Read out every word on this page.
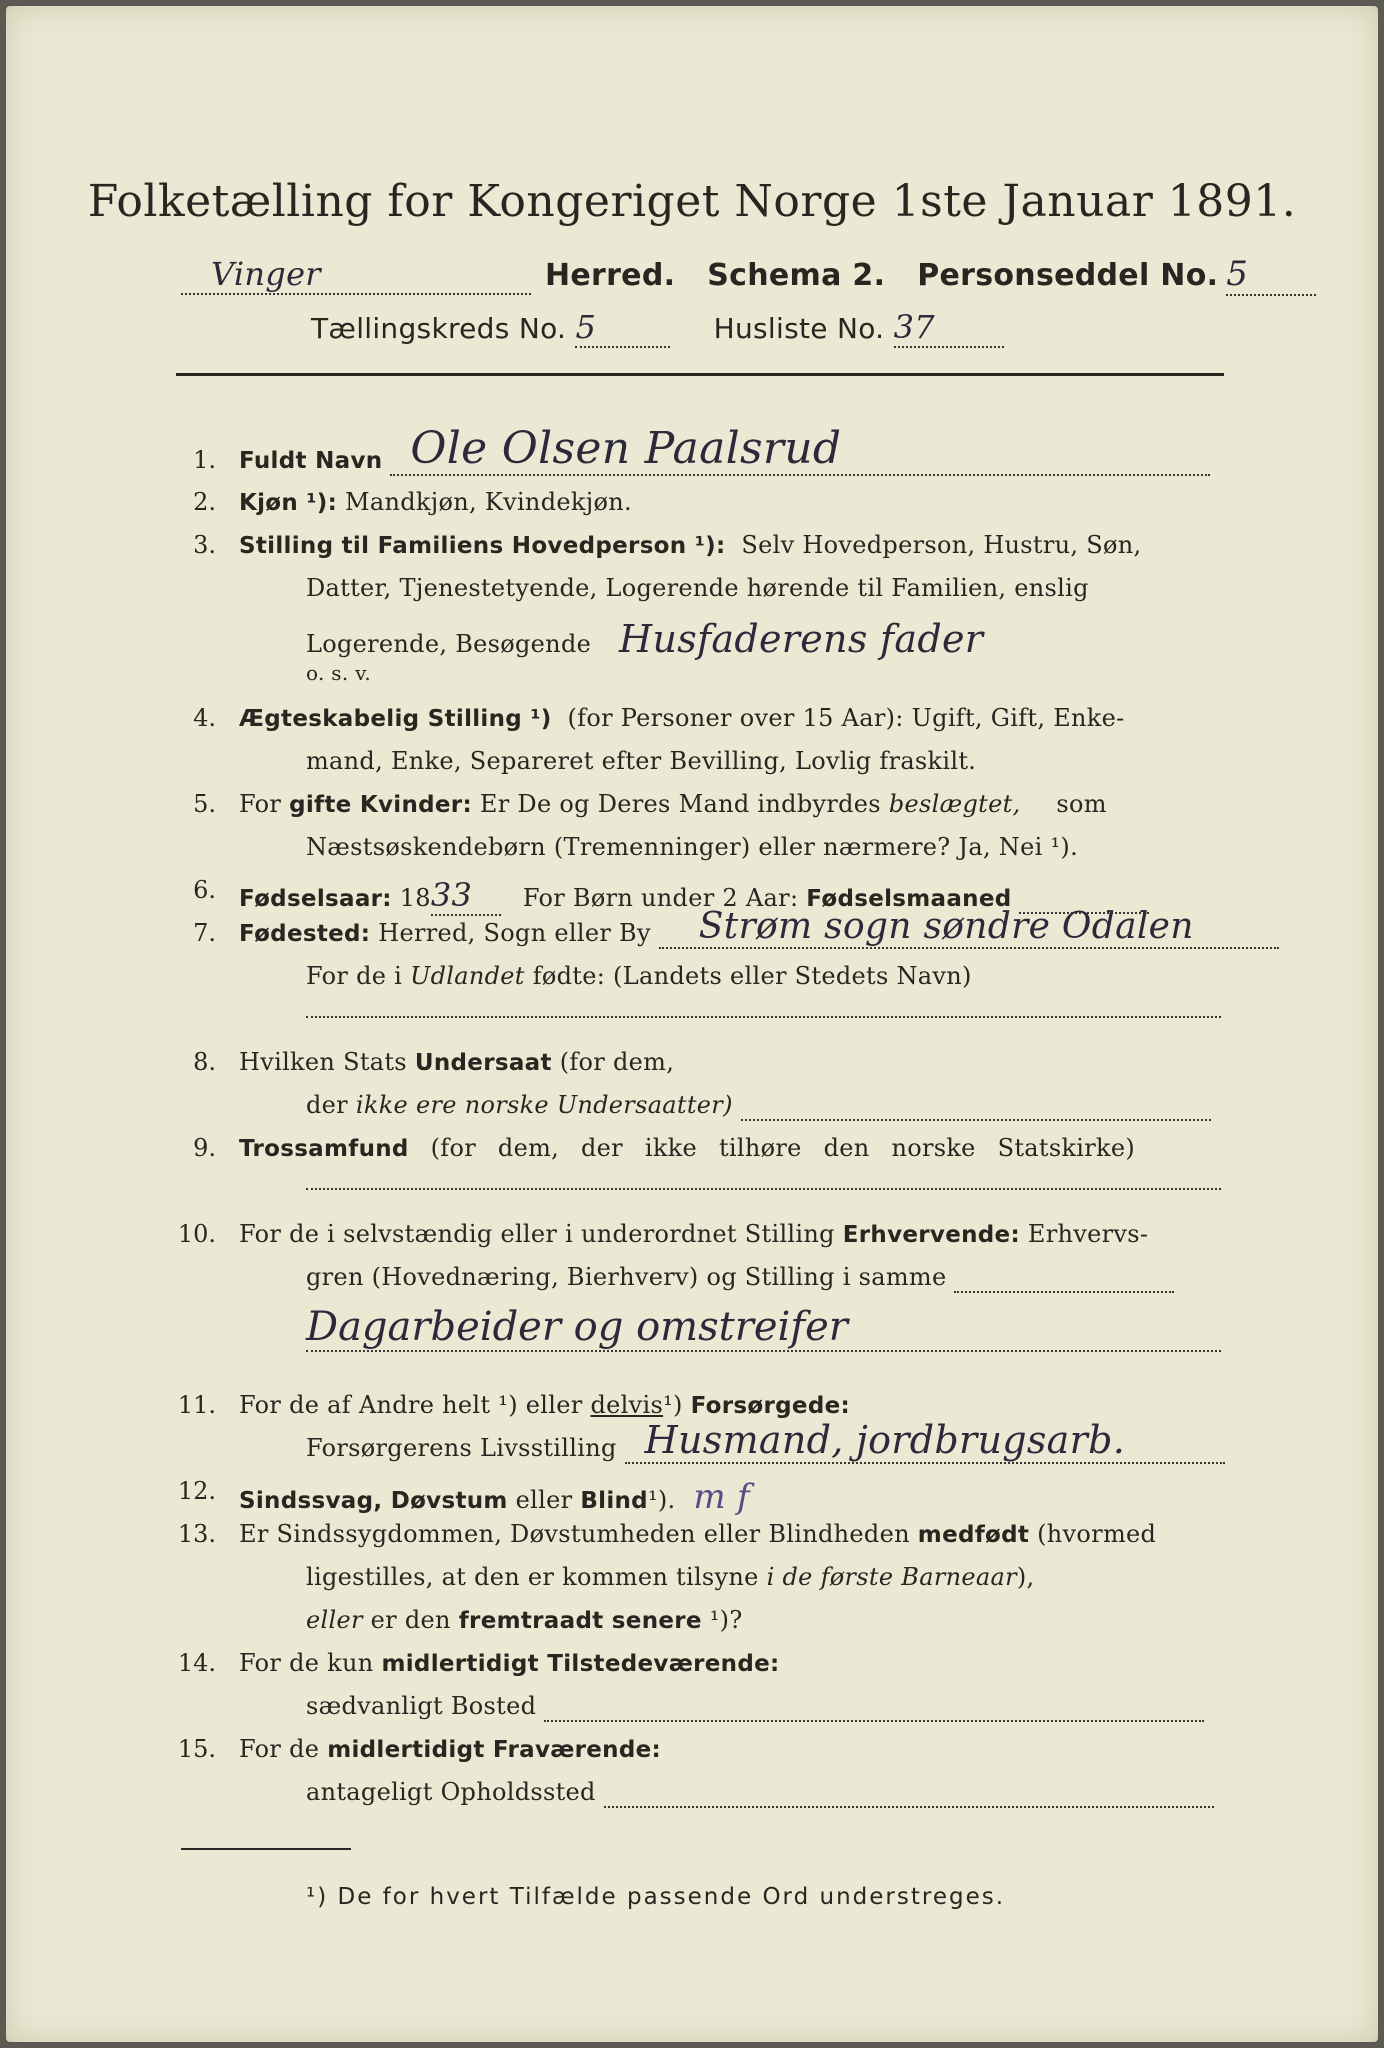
Folketælling for Kongeriget Norge 1ste Januar 1891.
Vinger	Herred. Schema 2. Personseddel No. 5
Tællingskreds No. 5	Husliste No. 37
1. Fuldt Navn Ole Olsen Paalsrud

2. Kjøn ¹): Mandkjøn, Kvindekjøn.
3. Stilling til Familiens Hovedperson ¹): Selv Hovedperson, Hustru, Søn,
Datter, Tjenestetyende, Logerende hørende til Familien, enslig
Logerende, Besøgende Husfaderens fader
o. s. v.
4. Ægteskabelig Stilling ¹) (for Personer over 15 Aar): Ugift, Gift, Enke-
mand, Enke, Separeret efter Bevilling, Lovlig fraskilt.
5. For gifte Kvinder: Er De og Deres Mand indbyrdes beslægtet, som
Næstsøskendebørn (Tremenninger) eller nærmere? Ja, Nei ¹).
6. Fødselsaar: 1833 For Børn under 2 Aar: Fødselsmaaned
7. Fødested: Herred, Sogn eller By Strøm sogn søndre Odalen

For de i Udlandet fødte: (Landets eller Stedets Navn)
8. Hvilken Stats Undersaat (for dem,
der ikke ere norske Undersaatter)
9. Trossamfund (for dem, der ikke tilhøre den norske Statskirke)
10. For de i selvstændig eller i underordnet Stilling Erhvervende: Erhvervs-
gren (Hovednæring, Bierhverv) og Stilling i samme
Dagarbeider og omstreifer
11. For de af Andre helt ¹) eller delvis¹) Forsørgede:
Forsørgerens Livsstilling Husmand, jordbrugsarb.

12. Sindssvag, Døvstum eller Blind¹). m f
13. Er Sindssygdommen, Døvstumheden eller Blindheden medfødt (hvormed
ligestilles, at den er kommen tilsyne i de første Barneaar),
eller er den fremtraadt senere ¹)?
14. For de kun midlertidigt Tilstedeværende:
sædvanligt Bosted
15. For de midlertidigt Fraværende:
antageligt Opholdssted
¹) De for hvert Tilfælde passende Ord understreges.
